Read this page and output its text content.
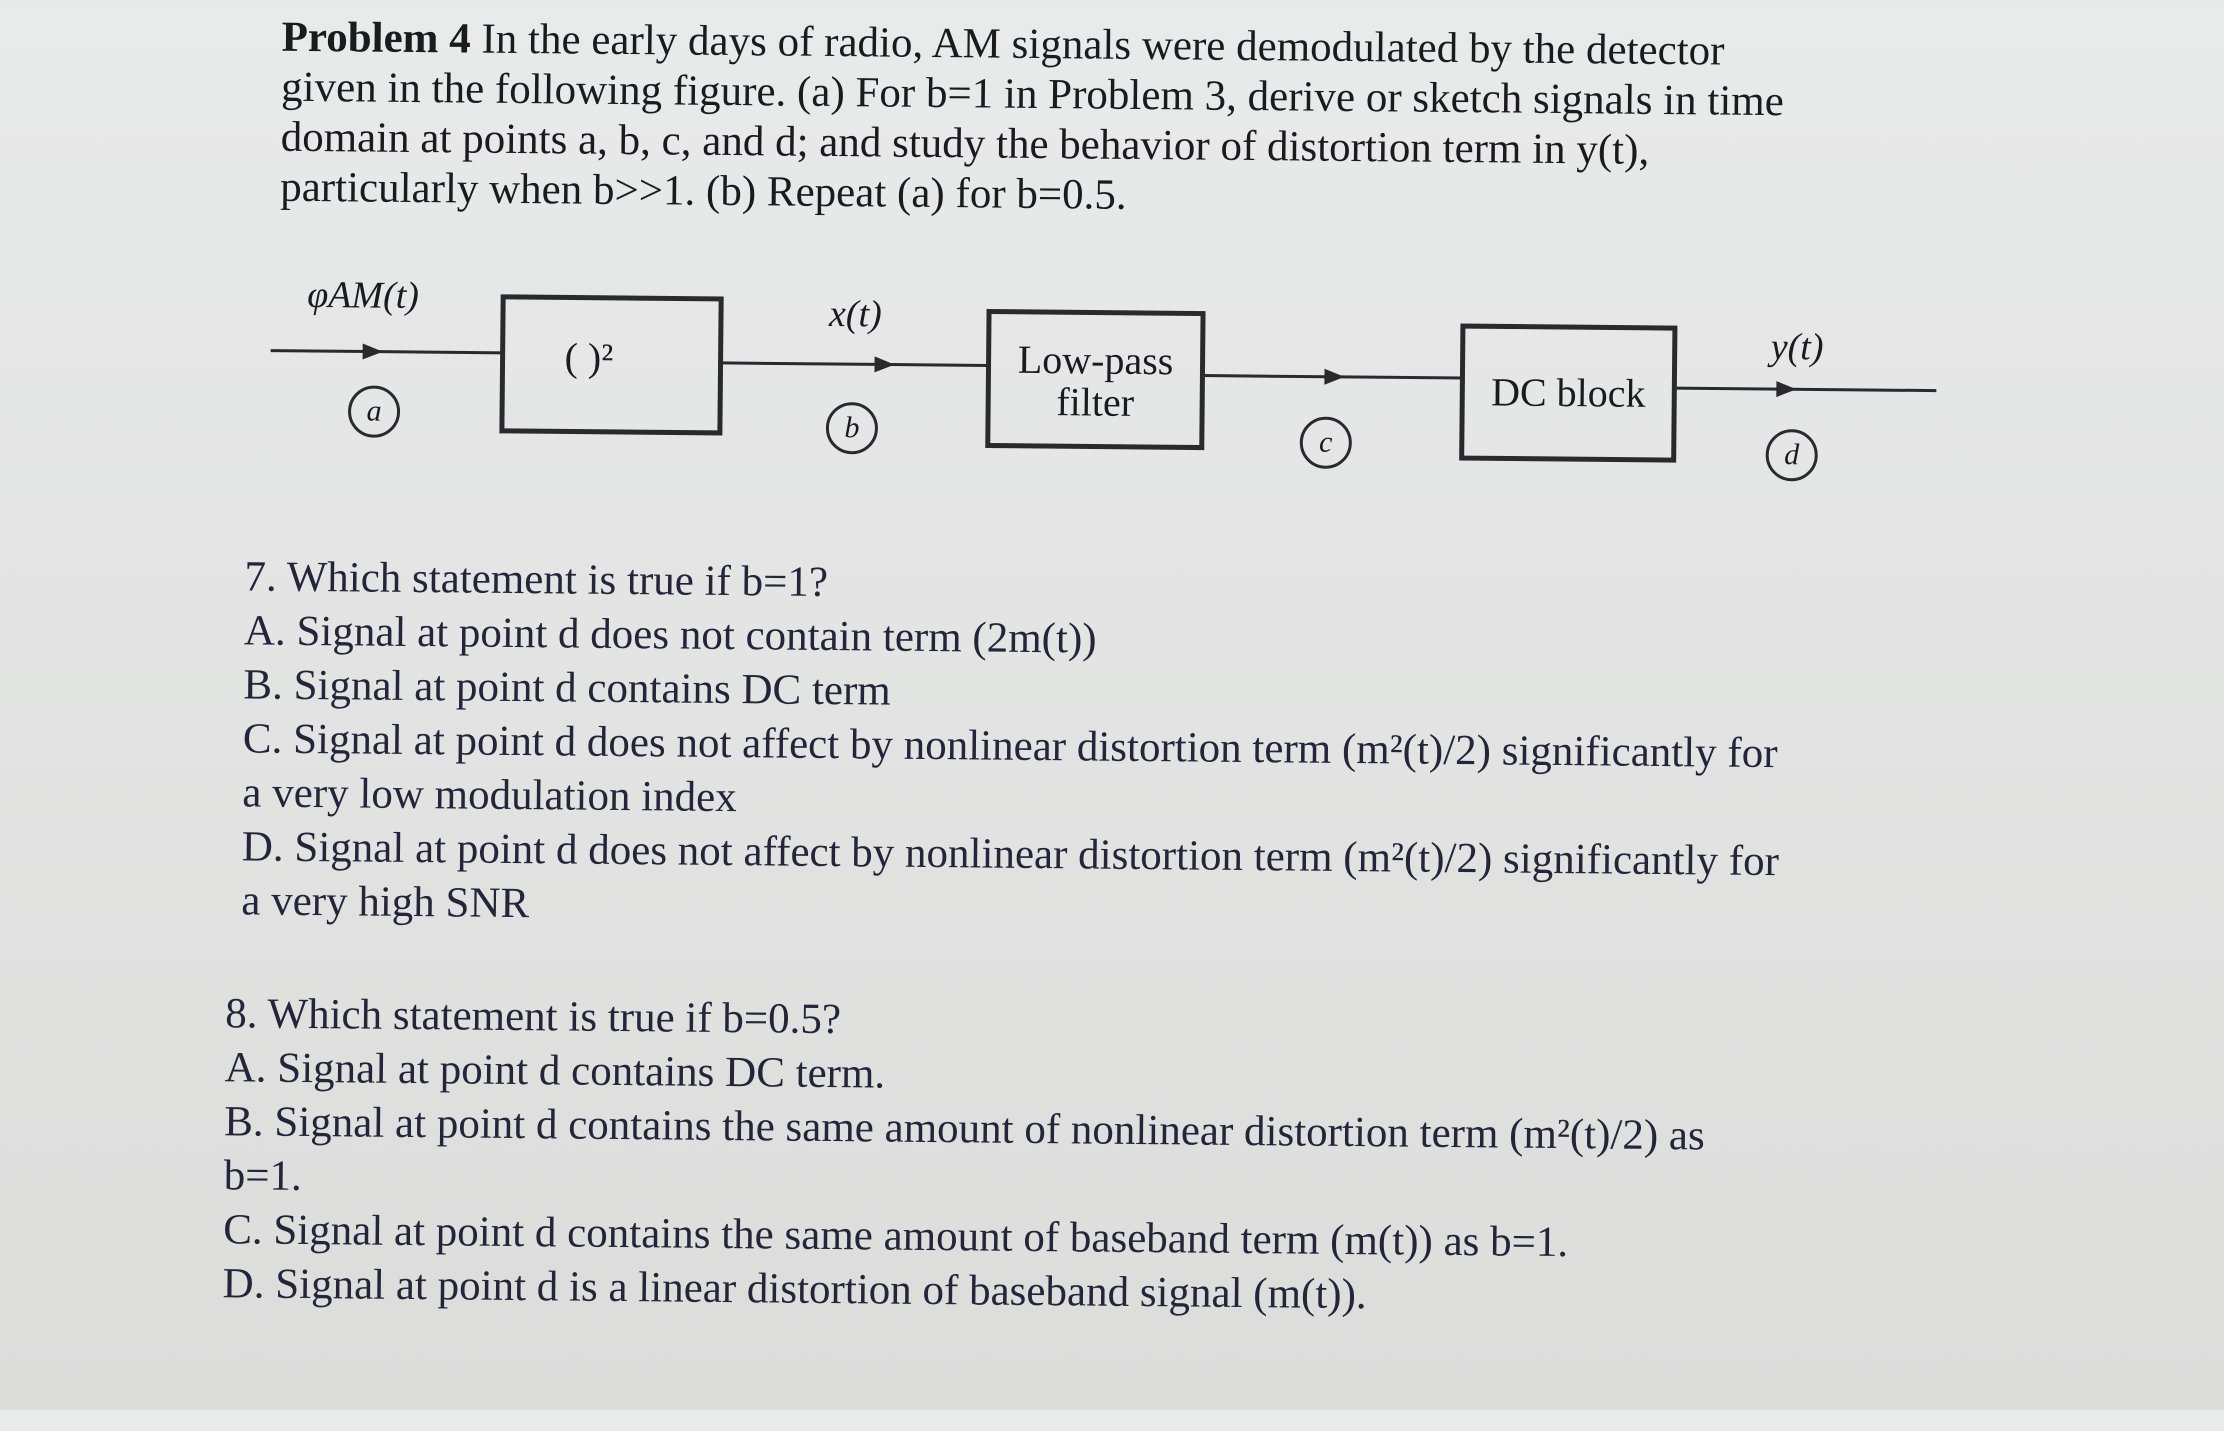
Problem 4 In the early days of radio, AM signals were demodulated by the detector
given in the following figure. (a) For b=1 in Problem 3, derive or sketch signals in time
domain at points a, b, c, and d; and study the behavior of distortion term in y(t),
particularly when b>>1. (b) Repeat (a) for b=0.5.
φAM(t)
( )²
x(t)
Low-pass
filter	DC block
y(t)
a
b	c	d
7. Which statement is true if b=1?
A. Signal at point d does not contain term (2m(t))
B. Signal at point d contains DC term
C. Signal at point d does not affect by nonlinear distortion term (m²(t)/2) significantly for
a very low modulation index
D. Signal at point d does not affect by nonlinear distortion term (m²(t)/2) significantly for
a very high SNR
8. Which statement is true if b=0.5?
A. Signal at point d contains DC term.
B. Signal at point d contains the same amount of nonlinear distortion term (m²(t)/2) as
b=1.
C. Signal at point d contains the same amount of baseband term (m(t)) as b=1.
D. Signal at point d is a linear distortion of baseband signal (m(t)).
